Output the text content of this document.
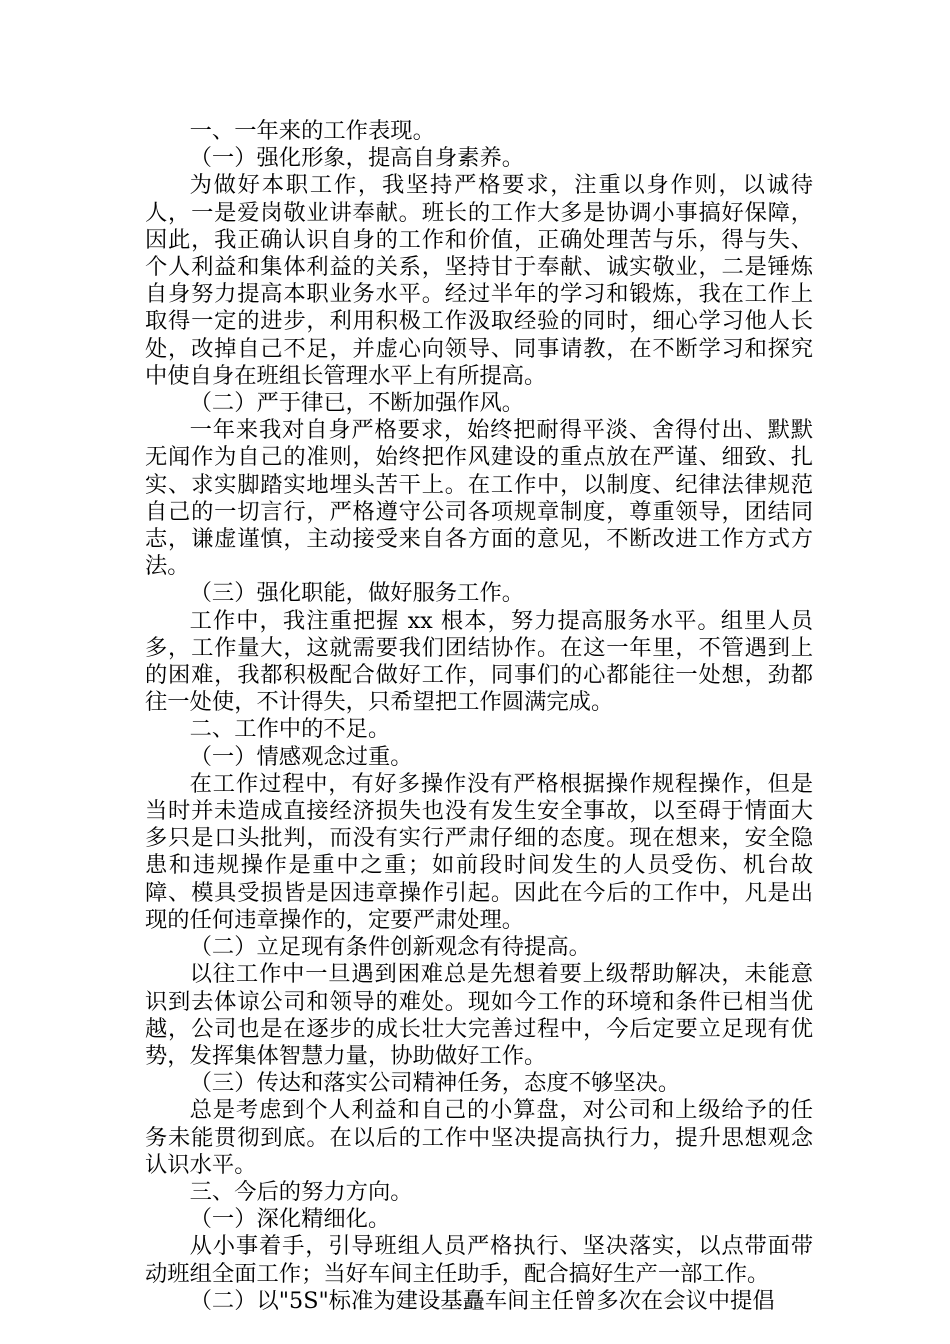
一、一年来的工作表现。

（一）强化形象，提高自身素养。

为做好本职工作，我坚持严格要求，注重以身作则，以诚待人，一是爱岗敬业讲奉献。班长的工作大多是协调小事搞好保障，因此，我正确认识自身的工作和价值，正确处理苦与乐，得与失、个人利益和集体利益的关系，坚持甘于奉献、诚实敬业，二是锤炼自身努力提高本职业务水平。经过半年的学习和锻炼，我在工作上取得一定的进步，利用积极工作汲取经验的同时，细心学习他人长处，改掉自己不足，并虚心向领导、同事请教，在不断学习和探究中使自身在班组长管理水平上有所提高。

（二）严于律已，不断加强作风。

一年来我对自身严格要求，始终把耐得平淡、舍得付出、默默无闻作为自己的准则，始终把作风建设的重点放在严谨、细致、扎实、求实脚踏实地埋头苦干上。在工作中，以制度、纪律法律规范自己的一切言行，严格遵守公司各项规章制度，尊重领导，团结同志，谦虚谨慎，主动接受来自各方面的意见，不断改进工作方式方法。

（三）强化职能，做好服务工作。

工作中，我注重把握 xx 根本，努力提高服务水平。组里人员多，工作量大，这就需要我们团结协作。在这一年里，不管遇到上的困难，我都积极配合做好工作，同事们的心都能往一处想，劲都往一处使，不计得失，只希望把工作圆满完成。

二、工作中的不足。

（一）情感观念过重。

在工作过程中，有好多操作没有严格根据操作规程操作，但是当时并未造成直接经济损失也没有发生安全事故，以至碍于情面大多只是口头批判，而没有实行严肃仔细的态度。现在想来，安全隐患和违规操作是重中之重；如前段时间发生的人员受伤、机台故障、模具受损皆是因违章操作引起。因此在今后的工作中，凡是出现的任何违章操作的，定要严肃处理。

（二）立足现有条件创新观念有待提高。

以往工作中一旦遇到困难总是先想着要上级帮助解决，未能意识到去体谅公司和领导的难处。现如今工作的环境和条件已相当优越，公司也是在逐步的成长壮大完善过程中，今后定要立足现有优势，发挥集体智慧力量，协助做好工作。

（三）传达和落实公司精神任务，态度不够坚决。

总是考虑到个人利益和自己的小算盘，对公司和上级给予的任务未能贯彻到底。在以后的工作中坚决提高执行力，提升思想观念认识水平。

三、今后的努力方向。

（一）深化精细化。

从小事着手，引导班组人员严格执行、坚决落实，以点带面带动班组全面工作；当好车间主任助手，配合搞好生产一部工作。

（二）以"5S"标准为建设基矗车间主任曾多次在会议中提倡
